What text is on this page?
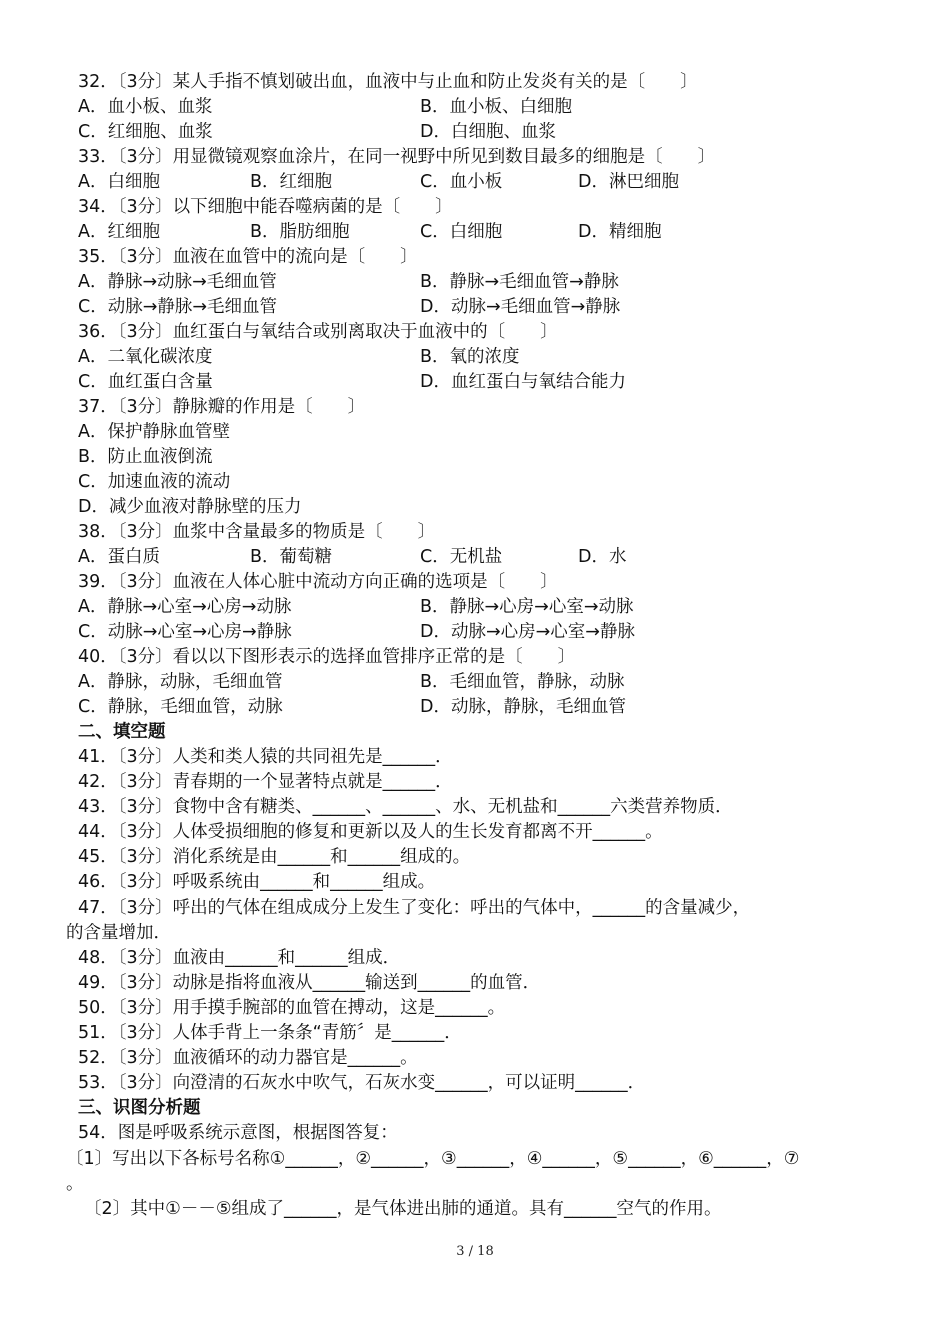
32．〔3分〕某人手指不慎划破出血，血液中与止血和防止发炎有关的是〔　　〕
A．血小板、血浆	B．血小板、白细胞
C．红细胞、血浆	D．白细胞、血浆
33．〔3分〕用显微镜观察血涂片，在同一视野中所见到数目最多的细胞是〔　　〕
A．白细胞	B．红细胞	C．血小板	D．淋巴细胞
34．〔3分〕以下细胞中能吞噬病菌的是〔　　〕
A．红细胞	B．脂肪细胞	C．白细胞	D．精细胞
35．〔3分〕血液在血管中的流向是〔　　〕
A．静脉→动脉→毛细血管	B．静脉→毛细血管→静脉
C．动脉→静脉→毛细血管	D．动脉→毛细血管→静脉
36．〔3分〕血红蛋白与氧结合或别离取决于血液中的〔　　〕
A．二氧化碳浓度	B．氧的浓度
C．血红蛋白含量	D．血红蛋白与氧结合能力
37．〔3分〕静脉瓣的作用是〔　　〕
A．保护静脉血管壁
B．防止血液倒流
C．加速血液的流动
D．减少血液对静脉壁的压力
38．〔3分〕血浆中含量最多的物质是〔　　〕
A．蛋白质	B．葡萄糖	C．无机盐	D．水
39．〔3分〕血液在人体心脏中流动方向正确的选项是〔　　〕
A．静脉→心室→心房→动脉	B．静脉→心房→心室→动脉
C．动脉→心室→心房→静脉	D．动脉→心房→心室→静脉
40．〔3分〕看以以下图形表示的选择血管排序正常的是〔　　〕
A．静脉，动脉，毛细血管	B．毛细血管，静脉，动脉
C．静脉，毛细血管，动脉	D．动脉，静脉，毛细血管
二、填空题
41．〔3分〕人类和类人猿的共同祖先是______．
42．〔3分〕青春期的一个显著特点就是______．
43．〔3分〕食物中含有糖类、______、______、水、无机盐和______六类营养物质．
44．〔3分〕人体受损细胞的修复和更新以及人的生长发育都离不开______。
45．〔3分〕消化系统是由______和______组成的。
46．〔3分〕呼吸系统由______和______组成。
47．〔3分〕呼出的气体在组成成分上发生了变化：呼出的气体中，______的含量减少，
的含量增加．
48．〔3分〕血液由______和______组成．
49．〔3分〕动脉是指将血液从______输送到______的血管．
50．〔3分〕用手摸手腕部的血管在搏动，这是______。
51．〔3分〕人体手背上一条条“青筋〞是______．
52．〔3分〕血液循环的动力器官是______。
53．〔3分〕向澄清的石灰水中吹气，石灰水变______，可以证明______．
三、识图分析题
54．图是呼吸系统示意图，根据图答复：
〔1〕写出以下各标号名称①______，②______，③______，④______，⑤______，⑥______，⑦
。
〔2〕其中①－－⑤组成了______，是气体进出肺的通道。具有______空气的作用。
3 / 18
